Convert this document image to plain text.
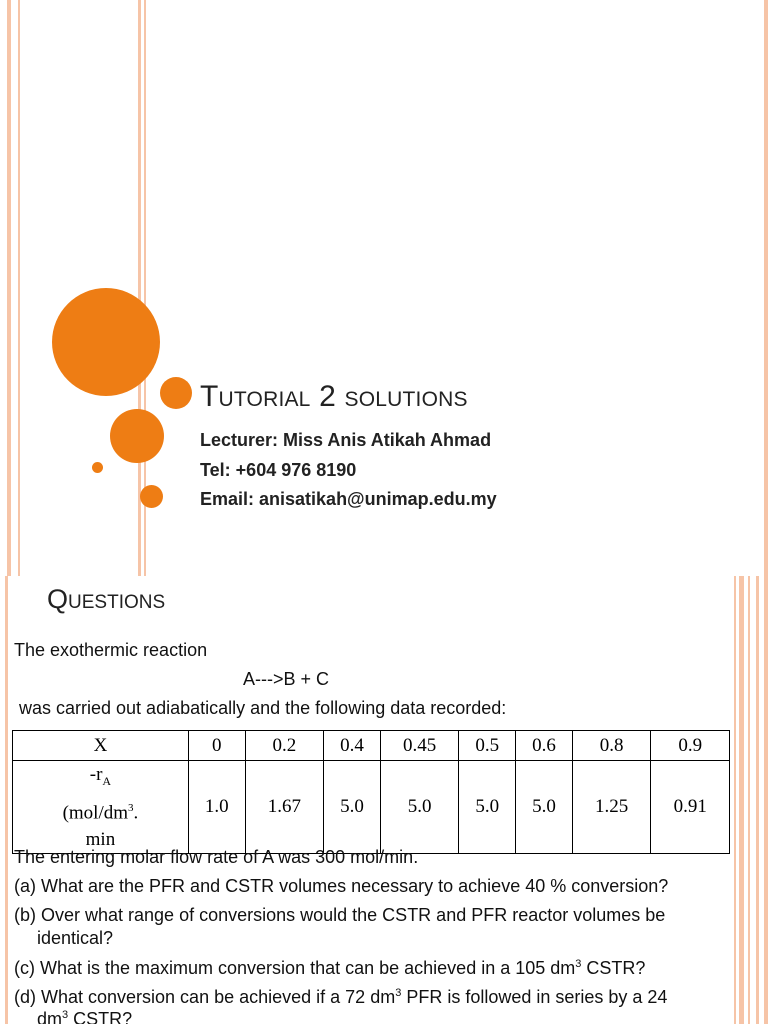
Tutorial 2 solutions
Lecturer: Miss Anis Atikah Ahmad
Tel: +604 976 8190
Email: anisatikah@unimap.edu.my
Questions
The exothermic reaction
A--->B + C
was carried out adiabatically and the following data recorded:
X	0	0.2	0.4	0.45	0.5	0.6	0.8	0.9

$-r_A$
($mol/dm^3$.
min	1.0	1.67	5.0	5.0	5.0	5.0	1.25	0.91
The entering molar flow rate of A was 300 mol/min.
(a) What are the PFR and CSTR volumes necessary to achieve 40 % conversion?
(b) Over what range of conversions would the CSTR and PFR reactor volumes be
identical?
(c) What is the maximum conversion that can be achieved in a 105 $dm^3$ CSTR?
(d) What conversion can be achieved if a 72 $dm^3$ PFR is followed in series by a 24
$dm^3$ CSTR?
